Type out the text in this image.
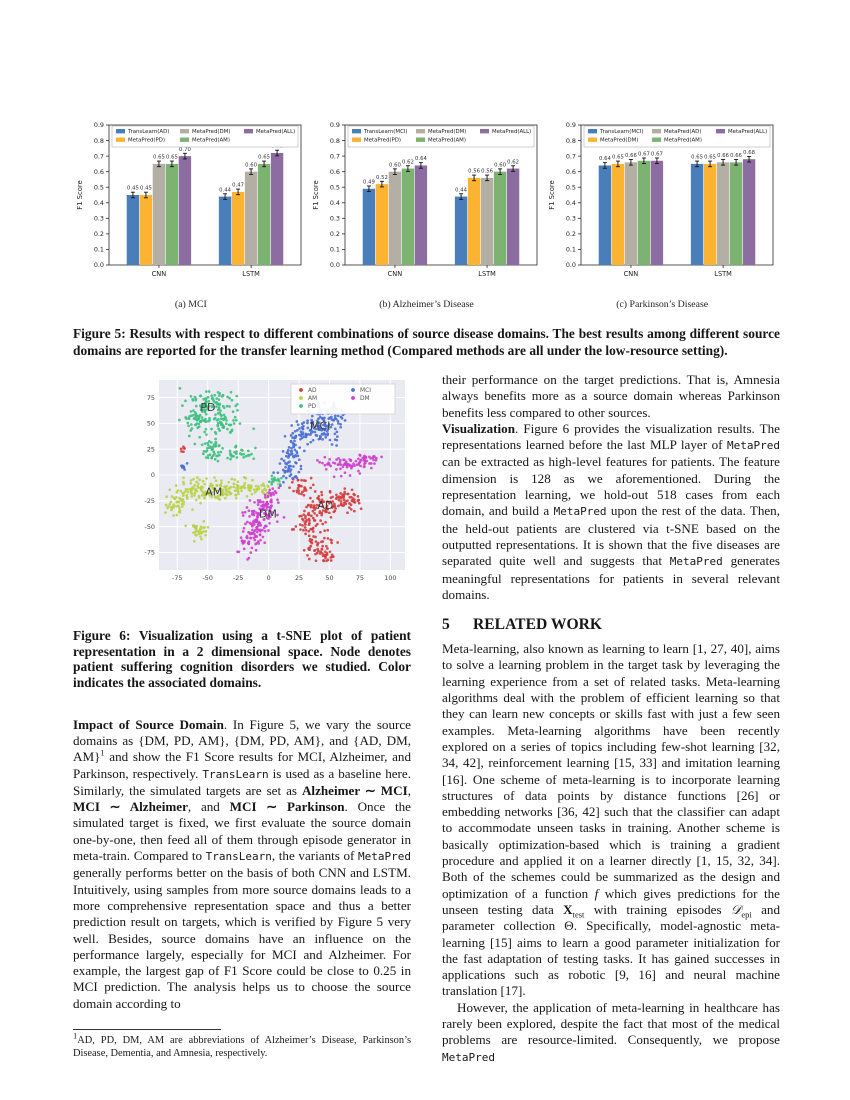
0.0
0.1
0.2
0.3
0.4
0.5
0.6
0.7
0.8
0.9
F1 Score
CNN	LSTM
0.45	0.44
0.45
0.47
0.65
0.60
0.65	0.65
0.70
TransLearn(AD)
MetaPred(PD)
MetaPred(DM)
MetaPred(AM)
MetaPred(ALL)
0.0
0.1
0.2
0.3
0.4
0.5
0.6
0.7
0.8
0.9
F1 Score
CNN	LSTM
0.49
0.44
0.52
0.56
0.60
0.56
0.62
0.60
0.64
0.62
TransLearn(MCI)
MetaPred(PD)
MetaPred(DM)
MetaPred(AM)
MetaPred(ALL)
0.0
0.1
0.2
0.3
0.4
0.5
0.6
0.7
0.8
0.9
F1 Score
CNN	LSTM
0.64	0.65
0.65	0.65
0.66	0.66
0.67	0.66
0.67	0.68
TransLearn(MCI)
MetaPred(DM)
MetaPred(AD)
MetaPred(AM)
MetaPred(ALL)
(a) MCI	(b) Alzheimer’s Disease	(c) Parkinson’s Disease
Figure 5: Results with respect to different combinations of source disease domains. The best results among different source domains are reported for the transfer learning method (Compared methods are all under the low-resource setting).
-75	-50	-25	0	25	50	75	100
-75
-50
-25
0
25
50
75
PD
MCI
AM
DM
AD
AD
AM
PD
MCI
DM
Figure 6: Visualization using a t-SNE plot of patient representation in a 2 dimensional space. Node denotes patient suffering cognition disorders we studied. Color indicates the associated domains.

Impact of Source Domain. In Figure 5, we vary the source domains as {DM, PD, AM}, {DM, PD, AM}, and {AD, DM, AM}$^1$ and show the F1 Score results for MCI, Alzheimer, and Parkinson, respectively. TransLearn is used as a baseline here. Similarly, the simulated targets are set as Alzheimer ∼ MCI, MCI ∼ Alzheimer, and MCI ∼ Parkinson. Once the simulated target is fixed, we first evaluate the source domain one-by-one, then feed all of them through episode generator in meta-train. Compared to TransLearn, the variants of MetaPred generally performs better on the basis of both CNN and LSTM. Intuitively, using samples from more source domains leads to a more comprehensive representation space and thus a better prediction result on targets, which is verified by Figure 5 very well. Besides, source domains have an influence on the performance largely, especially for MCI and Alzheimer. For example, the largest gap of F1 Score could be close to 0.25 in MCI prediction. The analysis helps us to choose the source domain according to

$^1$AD, PD, DM, AM are abbreviations of Alzheimer’s Disease, Parkinson’s Disease, Dementia, and Amnesia, respectively.

their performance on the target predictions. That is, Amnesia always benefits more as a source domain whereas Parkinson benefits less compared to other sources.

Visualization. Figure 6 provides the visualization results. The representations learned before the last MLP layer of MetaPred can be extracted as high-level features for patients. The feature dimension is 128 as we aforementioned. During the representation learning, we hold-out 518 cases from each domain, and build a MetaPred upon the rest of the data. Then, the held-out patients are clustered via t-SNE based on the outputted representations. It is shown that the five diseases are separated quite well and suggests that MetaPred generates meaningful representations for patients in several relevant domains.

5	RELATED WORK

Meta-learning, also known as learning to learn [1, 27, 40], aims to solve a learning problem in the target task by leveraging the learning experience from a set of related tasks. Meta-learning algorithms deal with the problem of efficient learning so that they can learn new concepts or skills fast with just a few seen examples. Meta-learning algorithms have been recently explored on a series of topics including few-shot learning [32, 34, 42], reinforcement learning [15, 33] and imitation learning [16]. One scheme of meta-learning is to incorporate learning structures of data points by distance functions [26] or embedding networks [36, 42] such that the classifier can adapt to accommodate unseen tasks in training. Another scheme is basically optimization-based which is training a gradient procedure and applied it on a learner directly [1, 15, 32, 34]. Both of the schemes could be summarized as the design and optimization of a function f which gives predictions for the unseen testing data $X_{test}$ with training episodes 𝒟$_{epi}$ and parameter collection Θ. Specifically, model-agnostic meta-learning [15] aims to learn a good parameter initialization for the fast adaptation of testing tasks. It has gained successes in applications such as robotic [9, 16] and neural machine translation [17].

However, the application of meta-learning in healthcare has rarely been explored, despite the fact that most of the medical problems are resource-limited. Consequently, we propose MetaPred
